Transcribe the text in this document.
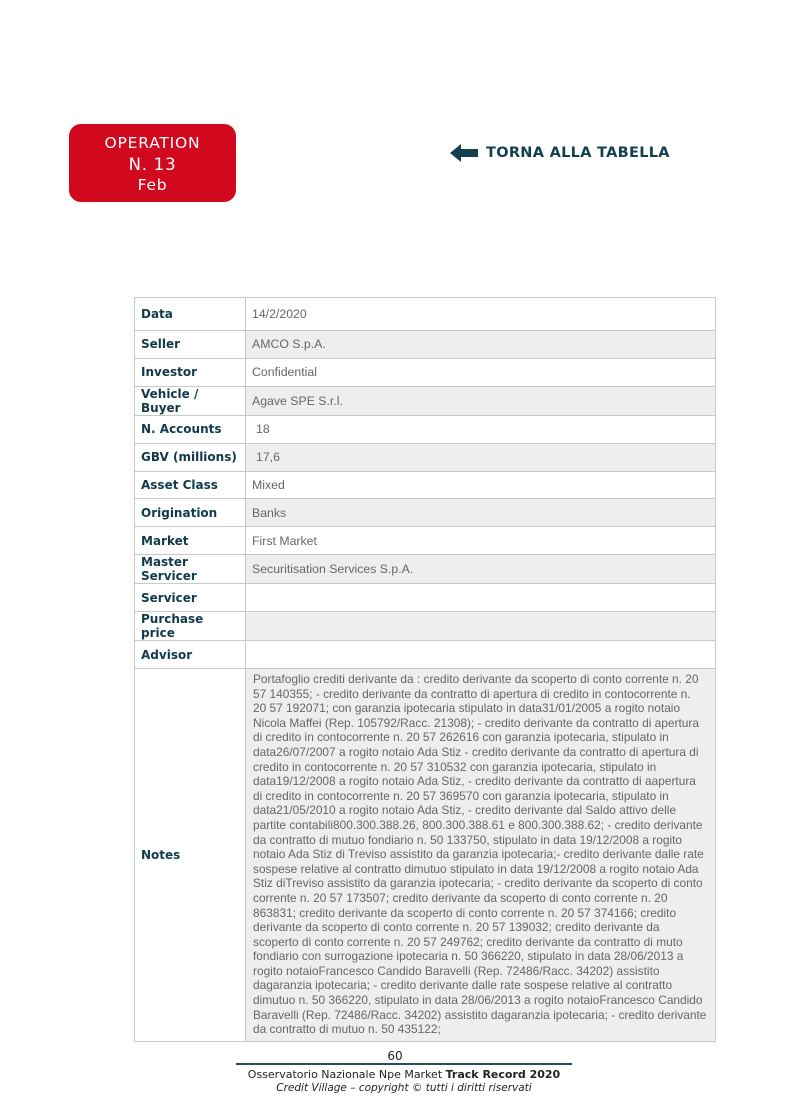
OPERATION
N. 13
Feb
TORNA ALLA TABELLA
Data	14/2/2020
Seller	AMCO S.p.A.
Investor	Confidential
Vehicle / Buyer	Agave SPE S.r.l.
N. Accounts	18
GBV (millions)	17,6
Asset Class	Mixed
Origination	Banks
Market	First Market
Master Servicer	Securitisation Services S.p.A.
Servicer	
Purchase price	
Advisor	
Notes	Portafoglio crediti derivante da : credito derivante da scoperto di conto corrente n. 20 57 140355; - credito derivante da contratto di apertura di credito in contocorrente n. 20 57 192071; con garanzia ipotecaria stipulato in data31/01/2005 a rogito notaio Nicola Maffei (Rep. 105792/Racc. 21308); - credito derivante da contratto di apertura di credito in contocorrente n. 20 57 262616 con garanzia ipotecaria, stipulato in data26/07/2007 a rogito notaio Ada Stiz - credito derivante da contratto di apertura di credito in contocorrente n. 20 57 310532 con garanzia ipotecaria, stipulato in data19/12/2008 a rogito notaio Ada Stiz, - credito derivante da contratto di aapertura di credito in contocorrente n. 20 57 369570 con garanzia ipotecaria, stipulato in data21/05/2010 a rogito notaio Ada Stiz, - credito derivante dal Saldo attivo delle partite contabili800.300.388.26, 800.300.388.61 e 800.300.388.62; - credito derivante da contratto di mutuo fondiario n. 50 133750, stipulato in data 19/12/2008 a rogito notaio Ada Stiz di Treviso assistito da garanzia ipotecaria;- credito derivante dalle rate sospese relative al contratto dimutuo stipulato in data 19/12/2008 a rogito notaio Ada Stiz diTreviso assistito da garanzia ipotecaria; - credito derivante da scoperto di conto corrente n. 20 57 173507; credito derivante da scoperto di conto corrente n. 20 863831; credito derivante da scoperto di conto corrente n. 20 57 374166; credito derivante da scoperto di conto corrente n. 20 57 139032; credito derivante da scoperto di conto corrente n. 20 57 249762; credito derivante da contratto di muto fondiario con surrogazione ipotecaria n. 50 366220, stipulato in data 28/06/2013 a rogito notaioFrancesco Candido Baravelli (Rep. 72486/Racc. 34202) assistito dagaranzia ipotecaria; - credito derivante dalle rate sospese relative al contratto dimutuo n. 50 366220, stipulato in data 28/06/2013 a rogito notaioFrancesco Candido Baravelli (Rep. 72486/Racc. 34202) assistito dagaranzia ipotecaria; - credito derivante da contratto di mutuo n. 50 435122;
60
Osservatorio Nazionale Npe Market Track Record 2020
Credit Village – copyright © tutti i diritti riservati
